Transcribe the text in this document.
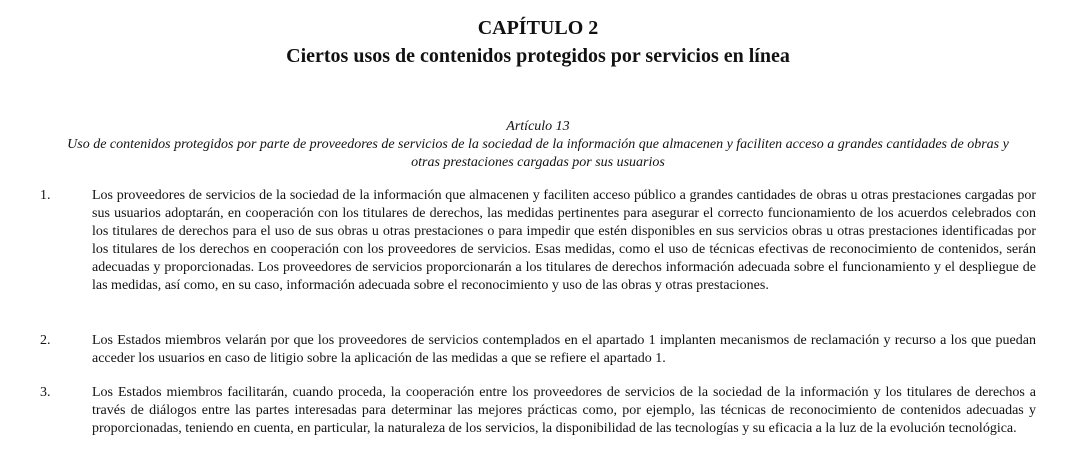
CAPÍTULO 2
Ciertos usos de contenidos protegidos por servicios en línea
Artículo 13
Uso de contenidos protegidos por parte de proveedores de servicios de la sociedad de la información que almacenen y faciliten acceso a grandes cantidades de obras y otras prestaciones cargadas por sus usuarios
1.	Los proveedores de servicios de la sociedad de la información que almacenen y faciliten acceso público a grandes cantidades de obras u otras prestaciones cargadas por sus usuarios adoptarán, en cooperación con los titulares de derechos, las medidas pertinentes para asegurar el correcto funcionamiento de los acuerdos celebrados con los titulares de derechos para el uso de sus obras u otras prestaciones o para impedir que estén disponibles en sus servicios obras u otras prestaciones identificadas por los titulares de los derechos en cooperación con los proveedores de servicios. Esas medidas, como el uso de técnicas efectivas de reconocimiento de contenidos, serán adecuadas y proporcionadas. Los proveedores de servicios proporcionarán a los titulares de derechos información adecuada sobre el funcionamiento y el despliegue de las medidas, así como, en su caso, información adecuada sobre el reconocimiento y uso de las obras y otras prestaciones.
2.	Los Estados miembros velarán por que los proveedores de servicios contemplados en el apartado 1 implanten mecanismos de reclamación y recurso a los que puedan acceder los usuarios en caso de litigio sobre la aplicación de las medidas a que se refiere el apartado 1.
3.	Los Estados miembros facilitarán, cuando proceda, la cooperación entre los proveedores de servicios de la sociedad de la información y los titulares de derechos a través de diálogos entre las partes interesadas para determinar las mejores prácticas como, por ejemplo, las técnicas de reconocimiento de contenidos adecuadas y proporcionadas, teniendo en cuenta, en particular, la naturaleza de los servicios, la disponibilidad de las tecnologías y su eficacia a la luz de la evolución tecnológica.
